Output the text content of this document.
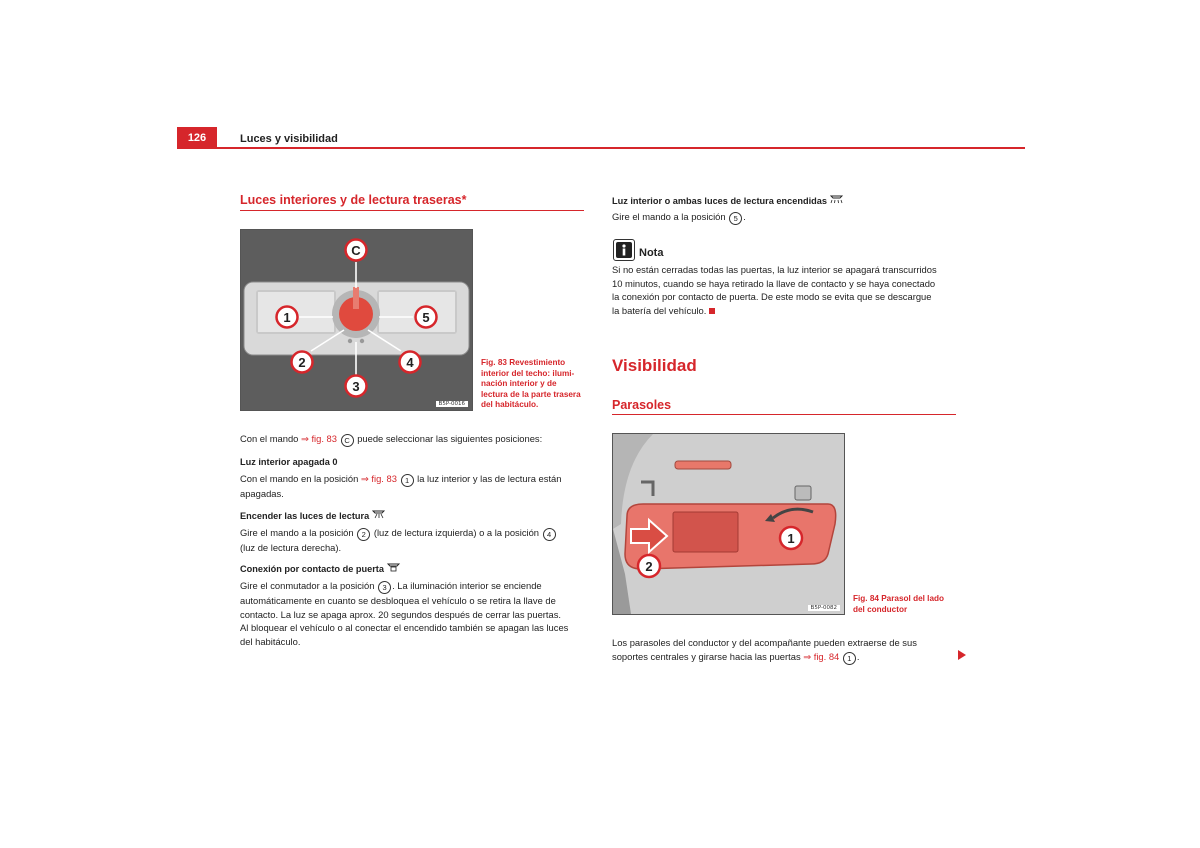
126	Luces y visibilidad
Luces interiores y de lectura traseras*
C
1	5
2	4
3
B5P-0016
Fig. 83 Revestimiento
interior del techo: ilumi-
nación interior y de
lectura de la parte trasera
del habitáculo.
Con el mando ⇒ fig. 83 C puede seleccionar las siguientes posiciones:
Luz interior apagada 0
Con el mando en la posición ⇒ fig. 83 1 la luz interior y las de lectura están
apagadas.
Encender las luces de lectura
Gire el mando a la posición 2 (luz de lectura izquierda) o a la posición 4
(luz de lectura derecha).
Conexión por contacto de puerta
Gire el conmutador a la posición 3 . La iluminación interior se enciende
automáticamente en cuanto se desbloquea el vehículo o se retira la llave de
contacto. La luz se apaga aprox. 20 segundos después de cerrar las puertas.
Al bloquear el vehículo o al conectar el encendido también se apagan las luces
del habitáculo.
Luz interior o ambas luces de lectura encendidas
Gire el mando a la posición 5 .
Nota
Si no están cerradas todas las puertas, la luz interior se apagará transcurridos
10 minutos, cuando se haya retirado la llave de contacto y se haya conectado
la conexión por contacto de puerta. De este modo se evita que se descargue
la batería del vehículo.
Visibilidad
Parasoles
1
2
B5P-0082
Fig. 84 Parasol del lado
del conductor
Los parasoles del conductor y del acompañante pueden extraerse de sus
soportes centrales y girarse hacia las puertas ⇒ fig. 84 1 .
